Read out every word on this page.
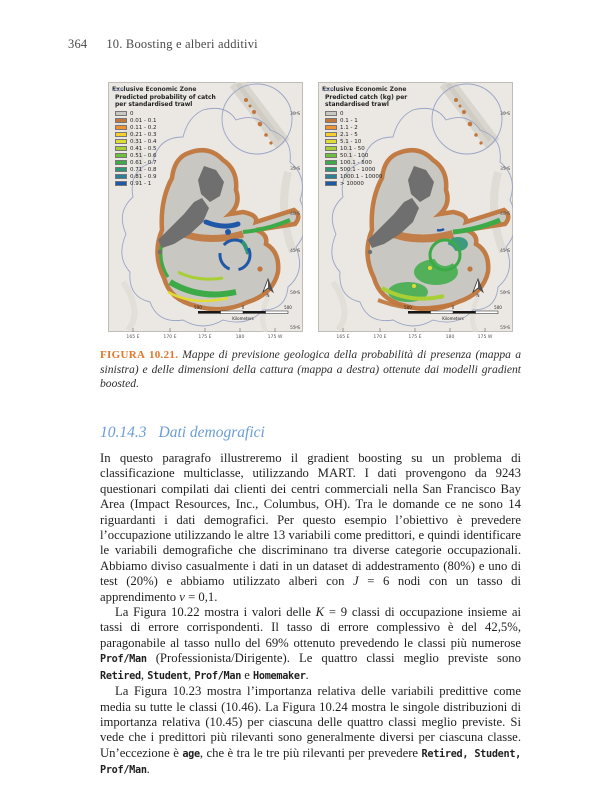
364 10. Boosting e alberi additivi
30 S
35 S
40 S
45 S
50 S
55 S
165 E	170 E	175 E	180	175 W
N
500	0	500
Kilometers
Exclusive Economic Zone
Predicted probability of catch
per standardised trawl
0
0.01 - 0.1
0.11 - 0.2
0.21 - 0.3
0.31 - 0.4
0.41 - 0.5
0.51 - 0.6
0.61 - 0.7
0.71 - 0.8
0.81 - 0.9
0.91 - 1
30 S
35 S
40 S
45 S
50 S
55 S
165 E	170 E	175 E	180	175 W
N
500	0	500
Kilometers
Exclusive Economic Zone
Predicted catch (kg) per
standardised trawl
0
0.1 - 1
1.1 - 2
2.1 - 5
5.1 - 10
10.1 - 50
50.1 - 100
100.1 - 500
500.1 - 1000
1000.1 - 10000
> 10000
FIGURA 10.21. Mappe di previsione geologica della probabilità di presenza (mappa a sinistra) e delle dimensioni della cattura (mappa a destra) ottenute dai modelli gradient boosted.
10.14.3 Dati demografici

In questo paragrafo illustreremo il gradient boosting su un problema di classificazione multiclasse, utilizzando MART. I dati provengono da 9243 questionari compilati dai clienti dei centri commerciali nella San Francisco Bay Area (Impact Resources, Inc., Columbus, OH). Tra le domande ce ne sono 14 riguardanti i dati demografici. Per questo esempio l’obiettivo è prevedere l’occupazione utilizzando le altre 13 variabili come predittori, e quindi identificare le variabili demografiche che discriminano tra diverse categorie occupazionali. Abbiamo diviso casualmente i dati in un dataset di addestramento (80%) e uno di test (20%) e abbiamo utilizzato alberi con J = 6 nodi con un tasso di apprendimento ν = 0,1.

La Figura 10.22 mostra i valori delle K = 9 classi di occupazione insieme ai tassi di errore corrispondenti. Il tasso di errore complessivo è del 42,5%, paragonabile al tasso nullo del 69% ottenuto prevedendo le classi più numerose Prof/Man (Professionista/Dirigente). Le quattro classi meglio previste sono Retired, Student, Prof/Man e Homemaker.

La Figura 10.23 mostra l’importanza relativa delle variabili predittive come media su tutte le classi (10.46). La Figura 10.24 mostra le singole distribuzioni di importanza relativa (10.45) per ciascuna delle quattro classi meglio previste. Si vede che i predittori più rilevanti sono generalmente diversi per ciascuna classe. Un’eccezione è age, che è tra le tre più rilevanti per prevedere Retired, Student, Prof/Man.
